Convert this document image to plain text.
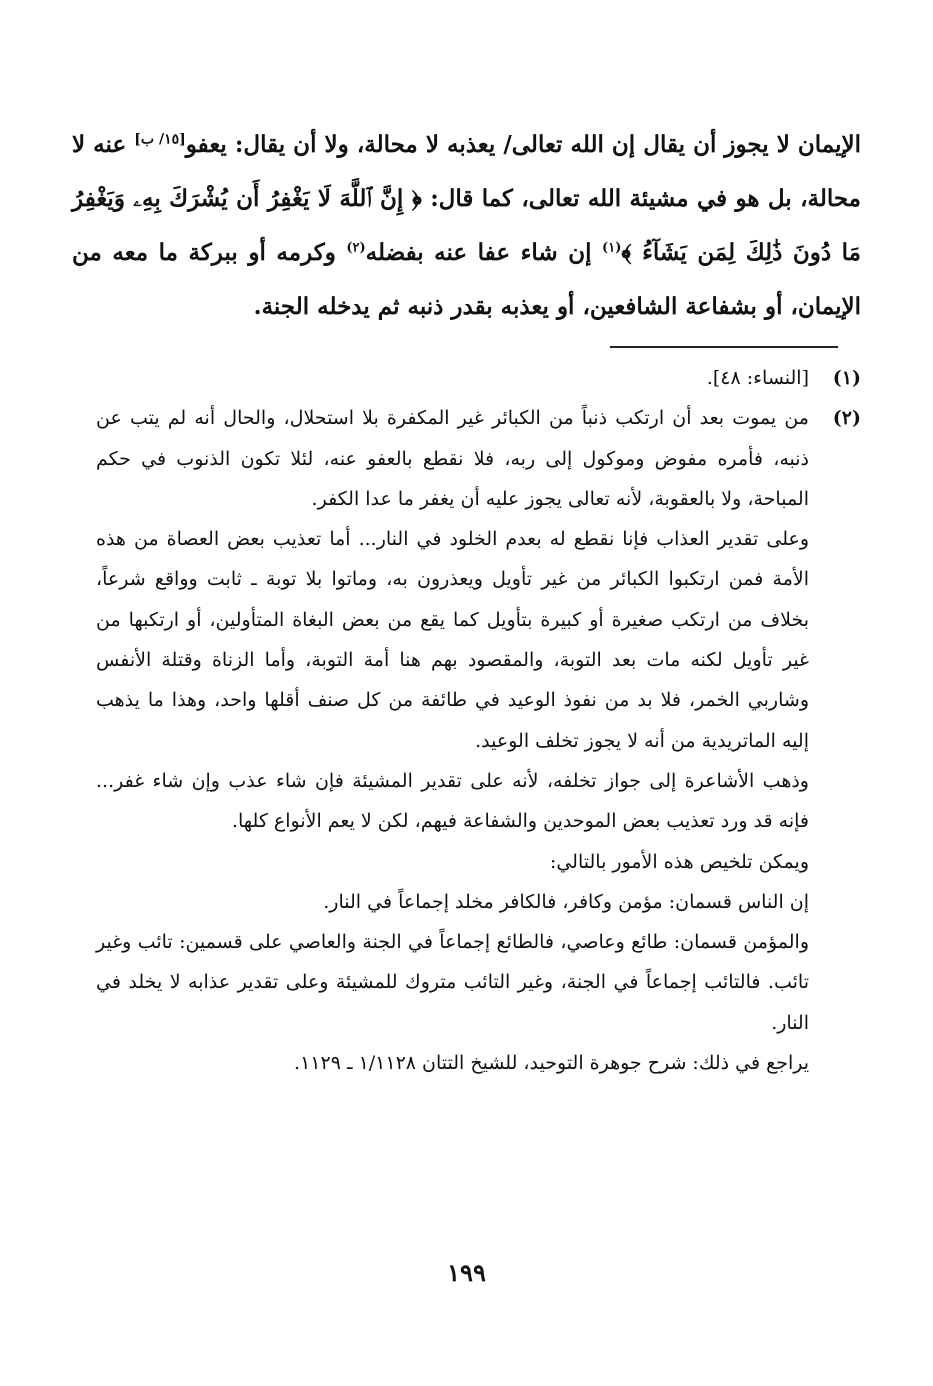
الإيمان لا يجوز أن يقال إن الله تعالى/ يعذبه لا محالة، ولا أن يقال: يعفو[١٥/ ب] عنه لا محالة، بل هو في مشيئة الله تعالى، كما قال: ﴿ إِنَّ ٱللَّهَ لَا يَغْفِرُ أَن يُشْرَكَ بِهِۦ وَيَغْفِرُ مَا دُونَ ذَٰلِكَ لِمَن يَشَآءُ ﴾$^{(١)}$ إن شاء عفا عنه بفضله$^{(٢)}$ وكرمه أو ببركة ما معه من الإيمان، أو بشفاعة الشافعين، أو يعذبه بقدر ذنبه ثم يدخله الجنة.

(١)

[النساء: ٤٨].

(٢)

من يموت بعد أن ارتكب ذنباً من الكبائر غير المكفرة بلا استحلال، والحال أنه لم يتب عن ذنبه، فأمره مفوض وموكول إلى ربه، فلا نقطع بالعفو عنه، لئلا تكون الذنوب في حكم المباحة، ولا بالعقوبة، لأنه تعالى يجوز عليه أن يغفر ما عدا الكفر.

وعلى تقدير العذاب فإنا نقطع له بعدم الخلود في النار... أما تعذيب بعض العصاة من هذه الأمة فمن ارتكبوا الكبائر من غير تأويل ويعذرون به، وماتوا بلا توبة ـ ثابت وواقع شرعاً، بخلاف من ارتكب صغيرة أو كبيرة بتأويل كما يقع من بعض البغاة المتأولين، أو ارتكبها من غير تأويل لكنه مات بعد التوبة، والمقصود بهم هنا أمة التوبة، وأما الزناة وقتلة الأنفس وشاربي الخمر، فلا بد من نفوذ الوعيد في طائفة من كل صنف أقلها واحد، وهذا ما يذهب إليه الماتريدية من أنه لا يجوز تخلف الوعيد.

وذهب الأشاعرة إلى جواز تخلفه، لأنه على تقدير المشيئة فإن شاء عذب وإن شاء غفر... فإنه قد ورد تعذيب بعض الموحدين والشفاعة فيهم، لكن لا يعم الأنواع كلها.

ويمكن تلخيص هذه الأمور بالتالي:

إن الناس قسمان: مؤمن وكافر، فالكافر مخلد إجماعاً في النار.

والمؤمن قسمان: طائع وعاصي، فالطائع إجماعاً في الجنة والعاصي على قسمين: تائب وغير تائب. فالتائب إجماعاً في الجنة، وغير التائب متروك للمشيئة وعلى تقدير عذابه لا يخلد في النار.

يراجع في ذلك: شرح جوهرة التوحيد، للشيخ التتان ١/١١٢٨ ـ ١١٢٩.

١٩٩
